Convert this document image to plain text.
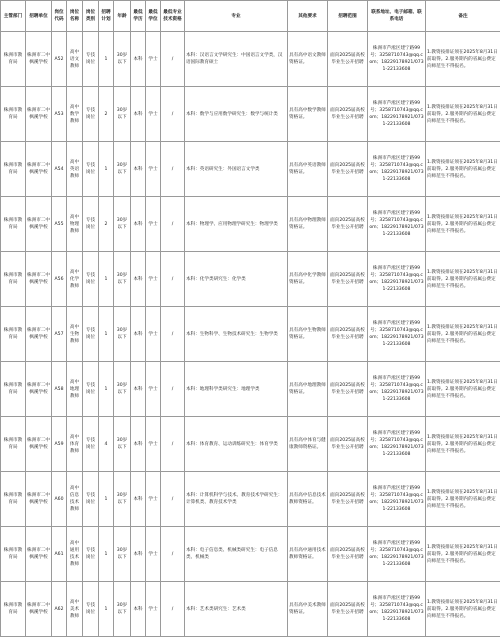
主管部门	招聘单位	岗位代码	岗位名称	岗位类别	招聘计划	年龄	最低学历	最低学位	最低专业技术资格	专业	其他要求	招聘范围	联系地址、电子邮箱、联系电话	备注
株洲市教育局	株洲市二中枫溪学校	A52	高中语文教师	专技岗位	1	30岁以下	本科	学士	/	本科：汉语言文学研究生：中国语言文学类，汉语国际教育硕士	具有高中语文教师资格证。	面向2025届高校毕业生公开招聘	株洲市芦淞区建宁路99号；3258710743@qq.com；18229178921/0731-22133608	1.教资按排证须在2025年8月31日前取得。2.服务期内的省属公费定向师范生不得报名。
株洲市教育局	株洲市二中枫溪学校	A53	高中数学教师	专技岗位	2	30岁以下	本科	学士	/	本科：数学与应用数学研究生：数学与统计类	具有高中数学教师资格证。	面向2025届高校毕业生公开招聘	株洲市芦淞区建宁路99号；3258710743@qq.com；18229178921/0731-22133608	1.教资按排证须在2025年8月31日前取得。2.服务期内的省属公费定向师范生不得报名。
株洲市教育局	株洲市二中枫溪学校	A54	高中英语教师	专技岗位	1	30岁以下	本科	学士	/	本科：英语研究生：外国语言文学类	具有高中英语教师资格证。	面向2025届高校毕业生公开招聘	株洲市芦淞区建宁路99号；3258710743@qq.com；18229178921/0731-22133608	1.教资按排证须在2025年8月31日前取得。2.服务期内的省属公费定向师范生不得报名。
株洲市教育局	株洲市二中枫溪学校	A55	高中物理教师	专技岗位	2	30岁以下	本科	学士	/	本科：物理学、应用物理学研究生：物理学类	具有高中物理教师资格证。	面向2025届高校毕业生公开招聘	株洲市芦淞区建宁路99号；3258710743@qq.com；18229178921/0731-22133608	1.教资按排证须在2025年8月31日前取得。2.服务期内的省属公费定向师范生不得报名。
株洲市教育局	株洲市二中枫溪学校	A56	高中化学教师	专技岗位	1	30岁以下	本科	学士	/	本科：化学类研究生：化学类	具有高中化学教师资格证。	面向2025届高校毕业生公开招聘	株洲市芦淞区建宁路99号；3258710743@qq.com；18229178921/0731-22133608	1.教资按排证须在2025年8月31日前取得。2.服务期内的省属公费定向师范生不得报名。
株洲市教育局	株洲市二中枫溪学校	A57	高中生物教师	专技岗位	1	30岁以下	本科	学士	/	本科：生物科学、生物技术研究生：生物学类	具有高中生物教师资格证。	面向2025届高校毕业生公开招聘	株洲市芦淞区建宁路99号；3258710743@qq.com；18229178921/0731-22133608	1.教资按排证须在2025年8月31日前取得。2.服务期内的省属公费定向师范生不得报名。
株洲市教育局	株洲市二中枫溪学校	A58	高中地理教师	专技岗位	1	30岁以下	本科	学士	/	本科：地理科学类研究生：地理学类	具有高中地理教师资格证。	面向2025届高校毕业生公开招聘	株洲市芦淞区建宁路99号；3258710743@qq.com；18229178921/0731-22133608	1.教资按排证须在2025年8月31日前取得。2.服务期内的省属公费定向师范生不得报名。
株洲市教育局	株洲市二中枫溪学校	A59	高中体育教师	专技岗位	4	30岁以下	本科	学士	/	本科：体育教育、运动训练研究生：体育学类	具有高中体育与健康教师资格证。	面向2025届高校毕业生公开招聘	株洲市芦淞区建宁路99号；3258710743@qq.com；18229178921/0731-22133608	1.教资按排证须在2025年8月31日前取得。2.服务期内的省属公费定向师范生不得报名。
株洲市教育局	株洲市二中枫溪学校	A60	高中信息技术教师	专技岗位	1	30岁以下	本科	学士	/	本科：计算机科学与技术、教育技术学研究生：计算机类、教育技术学类	具有高中信息技术教师资格证。	面向2025届高校毕业生公开招聘	株洲市芦淞区建宁路99号；3258710743@qq.com；18229178921/0731-22133608	1.教资按排证须在2025年8月31日前取得。2.服务期内的省属公费定向师范生不得报名。
株洲市教育局	株洲市二中枫溪学校	A61	高中通用技术教师	专技岗位	1	30岁以下	本科	学士	/	本科：电子信息类、机械类研究生：电子信息类、机械类	具有高中通用技术教师资格证。	面向2025届高校毕业生公开招聘	株洲市芦淞区建宁路99号；3258710743@qq.com；18229178921/0731-22133608	1.教资按排证须在2025年8月31日前取得。2.服务期内的省属公费定向师范生不得报名。
株洲市教育局	株洲市二中枫溪学校	A62	高中美术教师	专技岗位	1	30岁以下	本科	学士	/	本科：艺术类研究生：艺术类	具有高中美术教师资格证。	面向2025届高校毕业生公开招聘	株洲市芦淞区建宁路99号；3258710743@qq.com；18229178921/0731-22133608	1.教资按排证须在2025年8月31日前取得。2.服务期内的省属公费定向师范生不得报名。
